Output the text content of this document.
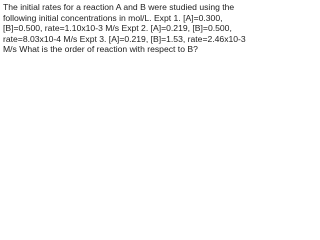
The initial rates for a reaction A and B were studied using the following initial concentrations in mol/L. Expt 1. [A]=0.300, [B]=0.500, rate=1.10x10-3 M/s Expt 2. [A]=0.219, [B]=0.500, rate=8.03x10-4 M/s Expt 3. [A]=0.219, [B]=1.53, rate=2.46x10-3 M/s What is the order of reaction with respect to B?
